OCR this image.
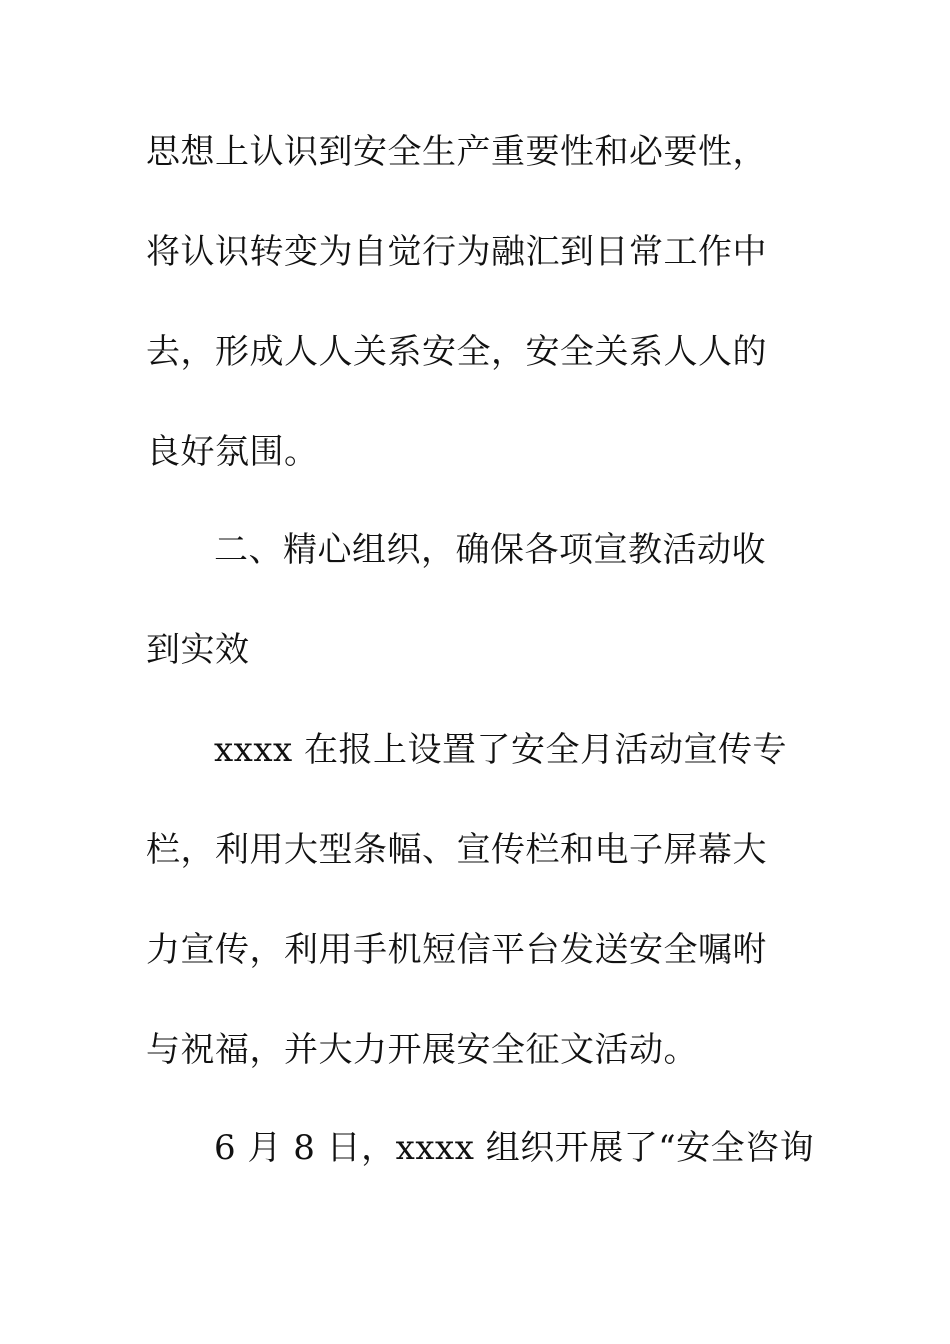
思想上认识到安全生产重要性和必要性，
将认识转变为自觉行为融汇到日常工作中
去，形成人人关系安全，安全关系人人的
良好氛围。
二、精心组织，确保各项宣教活动收
到实效
xxxx 在报上设置了安全月活动宣传专
栏，利用大型条幅、宣传栏和电子屏幕大
力宣传，利用手机短信平台发送安全嘱咐
与祝福，并大力开展安全征文活动。
6 月 8 日，xxxx 组织开展了“安全咨询
